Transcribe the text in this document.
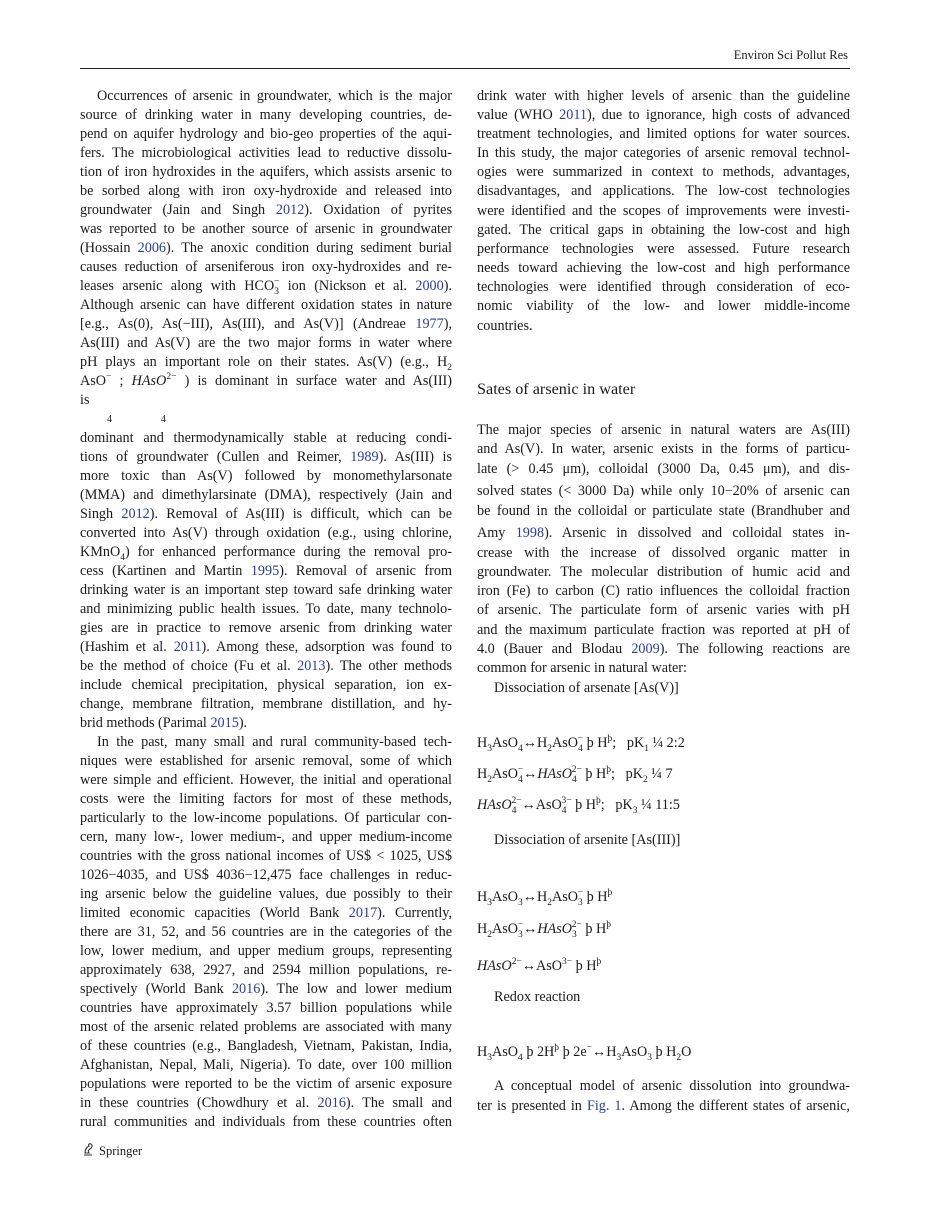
Environ Sci Pollut Res
Occurrences of arsenic in groundwater, which is the major
source of drinking water in many developing countries, de-
pend on aquifer hydrology and bio-geo properties of the aqui-
fers. The microbiological activities lead to reductive dissolu-
tion of iron hydroxides in the aquifers, which assists arsenic to
be sorbed along with iron oxy-hydroxide and released into
groundwater (Jain and Singh 2012). Oxidation of pyrites
was reported to be another source of arsenic in groundwater
(Hossain 2006). The anoxic condition during sediment burial
causes reduction of arseniferous iron oxy-hydroxides and re-
leases arsenic along with $HCO_3^-$ ion (Nickson et al. 2000).
Although arsenic can have different oxidation states in nature
[e.g., As(0), As(−III), As(III), and As(V)] (Andreae 1977),
As(III) and As(V) are the two major forms in water where
pH plays an important role on their states. As(V) (e.g., $H_2$
AsO− ; HAsO$^{2-}$ ) is dominant in surface water and As(III)
is
4	4
dominant and thermodynamically stable at reducing condi-
tions of groundwater (Cullen and Reimer, 1989). As(III) is
more toxic than As(V) followed by monomethylarsonate
(MMA) and dimethylarsinate (DMA), respectively (Jain and
Singh 2012). Removal of As(III) is difficult, which can be
converted into As(V) through oxidation (e.g., using chlorine,
KMnO$_4$) for enhanced performance during the removal pro-
cess (Kartinen and Martin 1995). Removal of arsenic from
drinking water is an important step toward safe drinking water
and minimizing public health issues. To date, many technolo-
gies are in practice to remove arsenic from drinking water
(Hashim et al. 2011). Among these, adsorption was found to
be the method of choice (Fu et al. 2013). The other methods
include chemical precipitation, physical separation, ion ex-
change, membrane filtration, membrane distillation, and hy-
brid methods (Parimal 2015).
In the past, many small and rural community-based tech-
niques were established for arsenic removal, some of which
were simple and efficient. However, the initial and operational
costs were the limiting factors for most of these methods,
particularly to the low-income populations. Of particular con-
cern, many low-, lower medium-, and upper medium-income
countries with the gross national incomes of US$ < 1025, US$
1026−4035, and US$ 4036−12,475 face challenges in reduc-
ing arsenic below the guideline values, due possibly to their
limited economic capacities (World Bank 2017). Currently,
there are 31, 52, and 56 countries are in the categories of the
low, lower medium, and upper medium groups, representing
approximately 638, 2927, and 2594 million populations, re-
spectively (World Bank 2016). The low and lower medium
countries have approximately 3.57 billion populations while
most of the arsenic related problems are associated with many
of these countries (e.g., Bangladesh, Vietnam, Pakistan, India,
Afghanistan, Nepal, Mali, Nigeria). To date, over 100 million
populations were reported to be the victim of arsenic exposure
in these countries (Chowdhury et al. 2016). The small and
rural communities and individuals from these countries often
Sates of arsenic in water
drink water with higher levels of arsenic than the guideline
value (WHO 2011), due to ignorance, high costs of advanced
treatment technologies, and limited options for water sources.
In this study, the major categories of arsenic removal technol-
ogies were summarized in context to methods, advantages,
disadvantages, and applications. The low-cost technologies
were identified and the scopes of improvements were investi-
gated. The critical gaps in obtaining the low-cost and high
performance technologies were assessed. Future research
needs toward achieving the low-cost and high performance
technologies were identified through consideration of eco-
nomic viability of the low- and lower middle-income
countries.
The major species of arsenic in natural waters are As(III)
and As(V). In water, arsenic exists in the forms of particu-
late (> 0.45 μm), colloidal (3000 Da, 0.45 μm), and dis-
solved states (< 3000 Da) while only 10−20% of arsenic can
be found in the colloidal or particulate state (Brandhuber and
Amy 1998). Arsenic in dissolved and colloidal states in-
crease with the increase of dissolved organic matter in
groundwater. The molecular distribution of humic acid and
iron (Fe) to carbon (C) ratio influences the colloidal fraction
of arsenic. The particulate form of arsenic varies with pH
and the maximum particulate fraction was reported at pH of
4.0 (Bauer and Blodau 2009). The following reactions are
common for arsenic in natural water:
Dissociation of arsenate [As(V)]
$H_3AsO_4\leftrightarrow H_2AsO_4^-$ þ $H^þ$;   $pK_1$ ¼ 2:2
$H_2AsO_4^-\leftrightarrow HAsO_4^{2-}$ þ $H^þ$;   $pK_2$ ¼ 7
HAsO$_4^{2-}$↔AsO$_4^{3-}$ þ $H^þ$;   $pK_3$ ¼ 11:5
Dissociation of arsenite [As(III)]
$H_3AsO_3\leftrightarrow H_2AsO_3^-$ þ $H^þ$
$H_2AsO_3^-\leftrightarrow HAsO_3^{2-}$ þ $H^þ$
HAsO$^{2-}$↔AsO$^{3-}$ þ $H^þ$
Redox reaction
$H_3AsO_4$ þ $2H^þ$ þ $2e^-\leftrightarrow H_3AsO_3$ þ $H_2O$
A conceptual model of arsenic dissolution into groundwa-
ter is presented in Fig. 1. Among the different states of arsenic,
Springer
